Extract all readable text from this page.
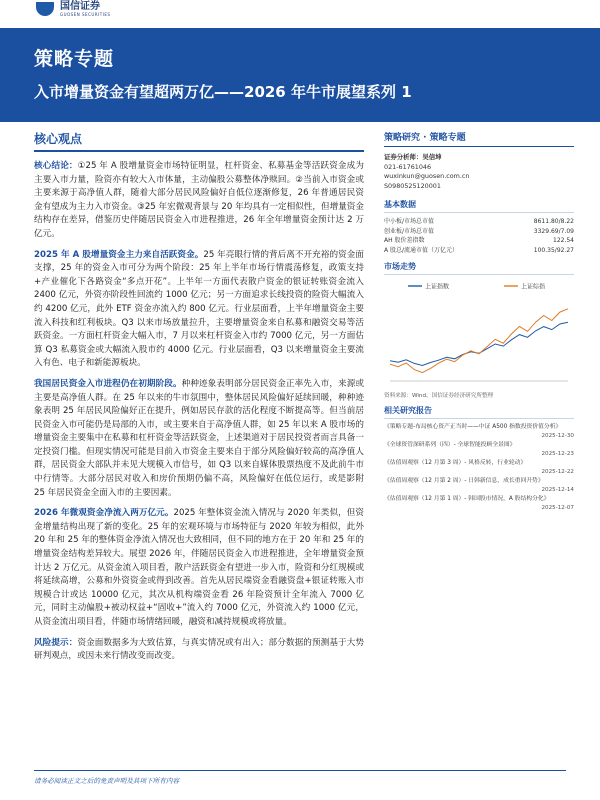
国信证券
GUOSEN SECURITIES
策略专题
入市增量资金有望超两万亿——2026 年牛市展望系列 1
核心观点
核心结论：①25 年 A 股增量资金市场特征明显，杠杆资金、私募基金等活跃资金成为主要入市力量，险资亦有较大入市体量，主动偏股公募整体净赎回。②当前入市资金或主要来源于高净值人群，随着大部分居民风险偏好自低位逐渐修复，26 年普通居民资金有望成为主力入市资金。③25 年宏微观背景与 20 年均具有一定相似性，但增量资金结构存在差异，借鉴历史伴随居民资金入市进程推进，26 年全年增量资金预计达 2 万亿元。
2025 年 A 股增量资金主力来自活跃资金。25 年亮眼行情的背后离不开充裕的资金面支撑，25 年的资金入市可分为两个阶段：25 年上半年市场行情震荡修复，政策支持+产业催化下各路资金“多点开花”。上半年一方面代表散户资金的银证转账资金流入 2400 亿元，外资亦阶段性回流约 1000 亿元；另一方面追求长线投资的险资大幅流入约 4200 亿元，此外 ETF 资金亦流入约 800 亿元。行业层面看，上半年增量资金主要流入科技和红利板块。Q3 以来市场放量拉升，主要增量资金来自私募和融资交易等活跃资金。一方面杠杆资金大幅入市，7 月以来杠杆资金入市约 7000 亿元，另一方面估算 Q3 私募资金或大幅流入股市约 4000 亿元。行业层面看，Q3 以来增量资金主要流入有色、电子和新能源板块。
我国居民资金入市进程仍在初期阶段。种种迹象表明部分居民资金正率先入市，来源或主要是高净值人群。在 25 年以来的牛市氛围中，整体居民风险偏好延续回暖，种种迹象表明 25 年居民风险偏好正在提升，例如居民存款的活化程度不断提高等。但当前居民资金入市可能仍是局部的入市，或主要来自于高净值人群，如 25 年以来 A 股市场的增量资金主要集中在私募和杠杆资金等活跃资金，上述渠道对于居民投资者而言具备一定投资门槛。但现实情况可能是目前入市资金主要来自于部分风险偏好较高的高净值人群，居民资金大部队并未见大规模入市信号，如 Q3 以来自媒体股票热度不及此前牛市中行情等。大部分居民对收入和房价预期仍偏不高，风险偏好在低位运行，或是影附 25 年居民资金全面入市的主要因素。
2026 年微观资金净流入两万亿元。2025 年整体资金流入情况与 2020 年类似，但资金增量结构出现了新的变化。25 年的宏观环境与市场特征与 2020 年较为相似，此外 20 年和 25 年的整体资金净流入情况也大致相同，但不同的地方在于 20 年和 25 年的增量资金结构差异较大。展望 2026 年，伴随居民资金入市进程推进，全年增量资金预计达 2 万亿元。从资金流入项目看，散户活跃资金有望进一步入市，险资和分红规模或将延续高增，公募和外资资金或得到改善。首先从居民端资金看融资盘+银证转账入市规模合计或达 10000 亿元，其次从机构端资金看 26 年险资预计全年流入 7000 亿元，同时主动偏股+被动权益+“固收+”流入约 7000 亿元，外资流入约 1000 亿元，从资金流出项目看，伴随市场情绪回暖，融资和减持规模或将放量。
风险提示：资金面数据多为大致估算，与真实情况或有出入；部分数据的预测基于大势研判观点，或因未来行情改变而改变。
策略研究 · 策略专题
证券分析师：吴信坤
021-61761046
wuxinkun@guosen.com.cn
S0980525120001
基本数据
中小板/市场总市值	8611.80/8.22
创业板/市场总市值	3329.69/7.09
AH 股价差指数	122.54
A 股总/流通市值（万亿元）	100.35/92.27
市场走势
上证指数	上证综指
资料来源：Wind、国信证券经济研究所整理
相关研究报告
《策略专题-布局核心资产正当时——中证 A500 指数投资价值分析》
2025-12-30
《全球资管深研系列（四）- 全球智能投顾全景图》
2025-12-23
《估值周观察（12 月第 3 周）- 风格反转，行业轮动》
2025-12-22
《估值周观察（12 月第 2 周）- 日韩新信息，成长重回升势》
2025-12-14
《估值周观察（12 月第 1 周）- 韩国股市情况，A 股结构分化》
2025-12-07
请务必阅读正文之后的免责声明及其项下所有内容
